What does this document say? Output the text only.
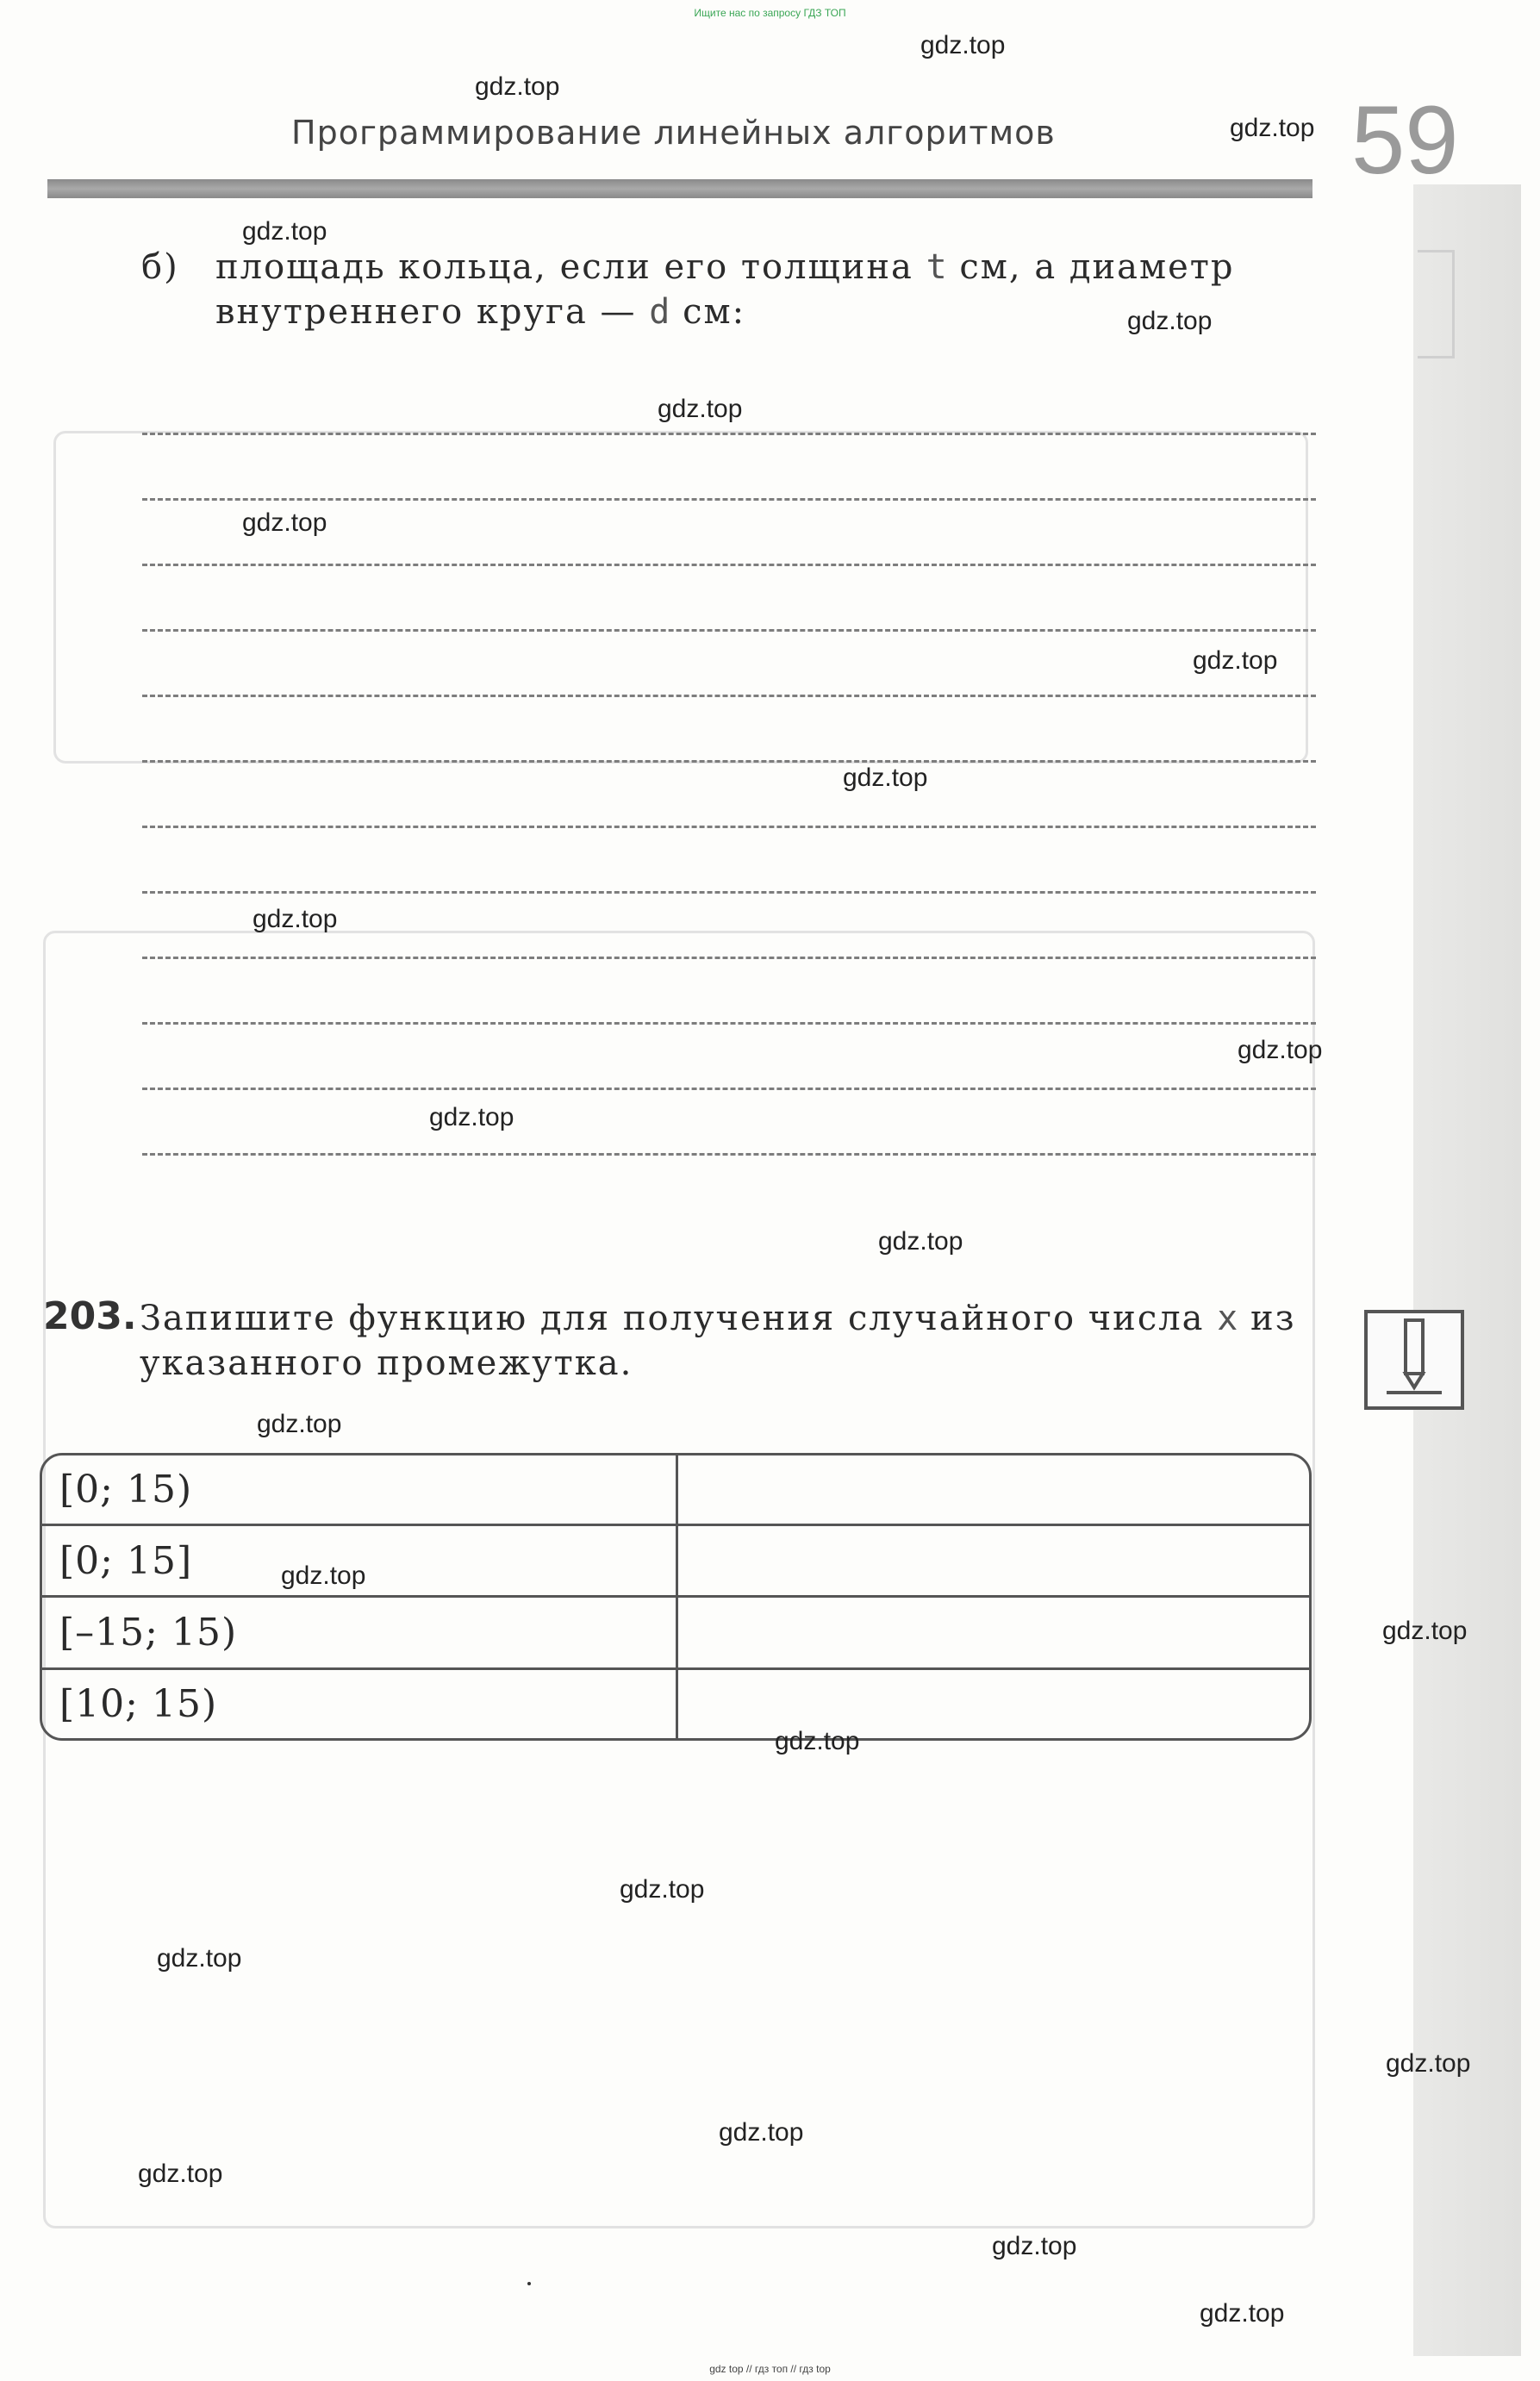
Ищите нас по запросу ГДЗ ТОП
Программирование линейных алгоритмов	59
б) площадь кольца, если его толщина t см, а диаметр внутреннего круга — d см:
203. Запишите функцию для получения случайного числа x из указанного промежутка.
[0; 15)	
[0; 15]	
[–15; 15)	
[10; 15)	
gdz.top
gdz.top
gdz.top
gdz.top
gdz.top
gdz.top
gdz.top
gdz.top
gdz.top
gdz.top
gdz.top
gdz.top
gdz.top
gdz.top
gdz.top
gdz.top
gdz.top
gdz.top
gdz.top
gdz.top
gdz.top
gdz.top
gdz.top
gdz.top
gdz top // гдз топ // гдз top
